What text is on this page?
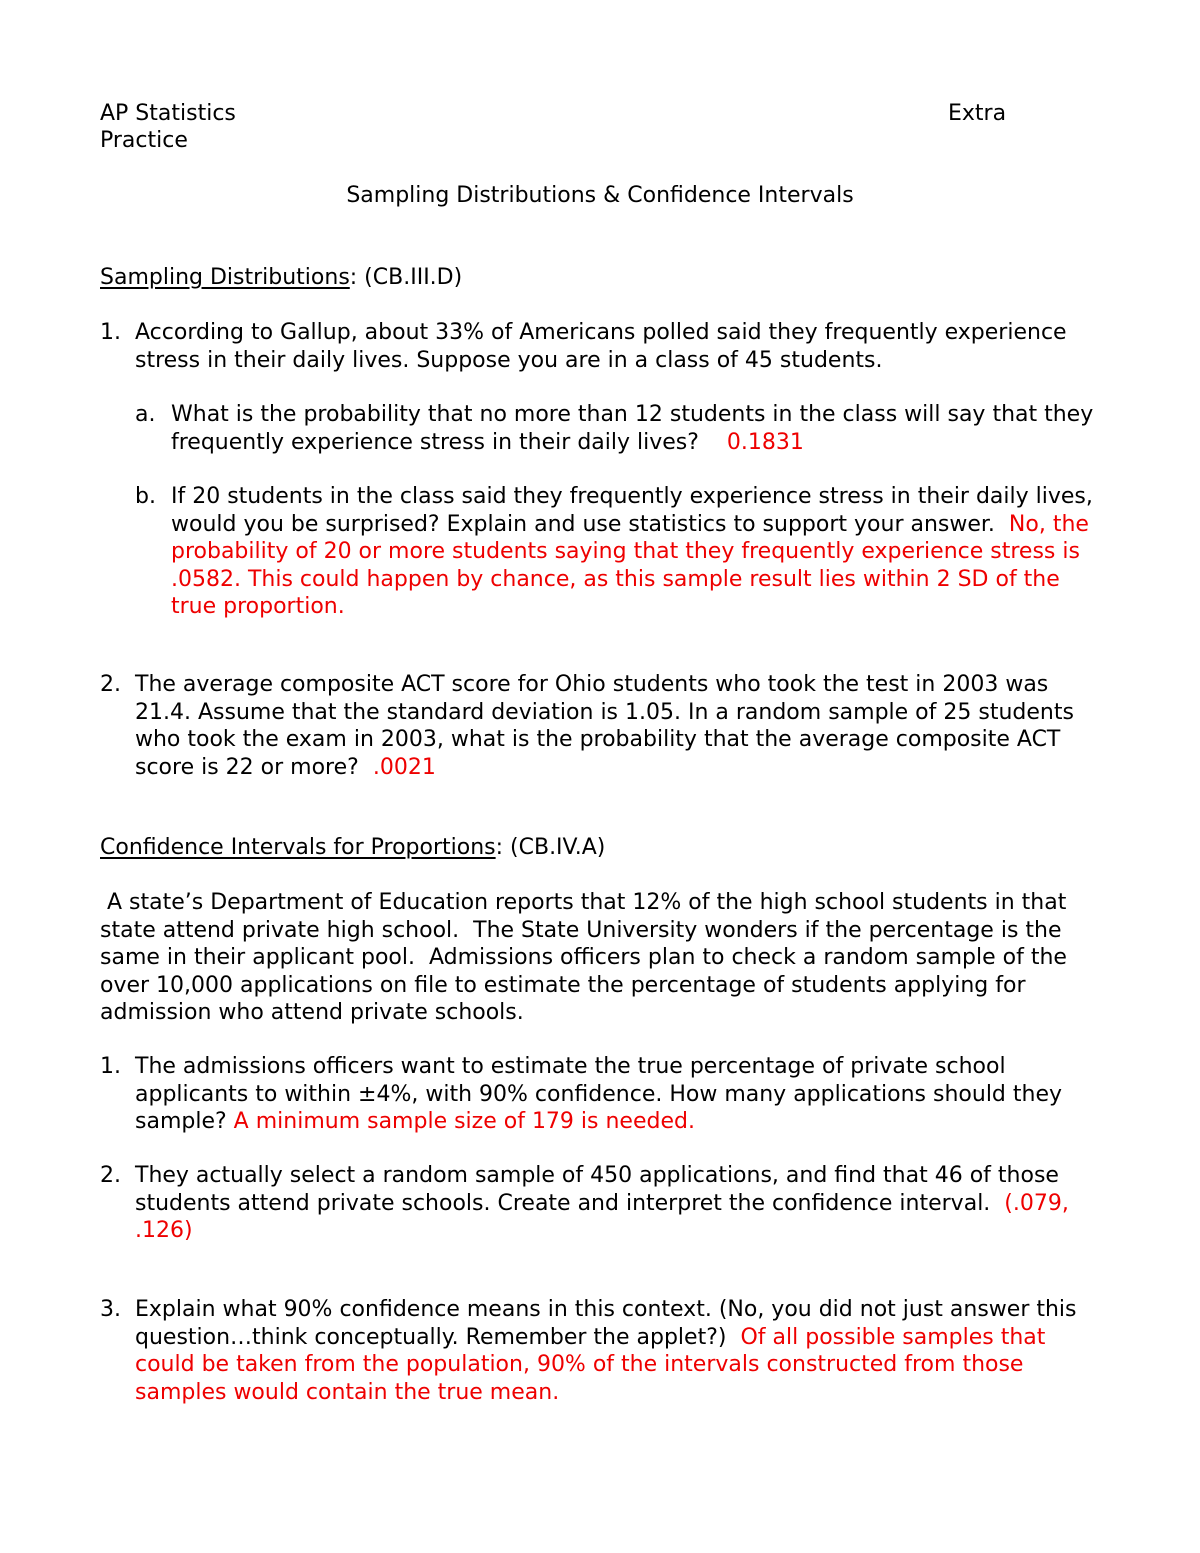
AP Statistics	Extra
Practice
Sampling Distributions & Confidence Intervals
Sampling Distributions: (CB.III.D)
1. According to Gallup, about 33% of Americans polled said they frequently experience stress in their daily lives. Suppose you are in a class of 45 students.
a. What is the probability that no more than 12 students in the class will say that they frequently experience stress in their daily lives? 0.1831
b. If 20 students in the class said they frequently experience stress in their daily lives, would you be surprised? Explain and use statistics to support your answer. No, the probability of 20 or more students saying that they frequently experience stress is .0582. This could happen by chance, as this sample result lies within 2 SD of the true proportion.
2. The average composite ACT score for Ohio students who took the test in 2003 was 21.4. Assume that the standard deviation is 1.05. In a random sample of 25 students who took the exam in 2003, what is the probability that the average composite ACT score is 22 or more? .0021
Confidence Intervals for Proportions: (CB.IV.A)
A state’s Department of Education reports that 12% of the high school students in that state attend private high school.  The State University wonders if the percentage is the same in their applicant pool.  Admissions officers plan to check a random sample of the over 10,000 applications on file to estimate the percentage of students applying for admission who attend private schools.
1. The admissions officers want to estimate the true percentage of private school applicants to within ±4%, with 90% confidence. How many applications should they sample? A minimum sample size of 179 is needed.
2. They actually select a random sample of 450 applications, and find that 46 of those students attend private schools. Create and interpret the confidence interval. (.079, .126)
3. Explain what 90% confidence means in this context. (No, you did not just answer this question…think conceptually. Remember the applet?) Of all possible samples that could be taken from the population, 90% of the intervals constructed from those samples would contain the true mean.
